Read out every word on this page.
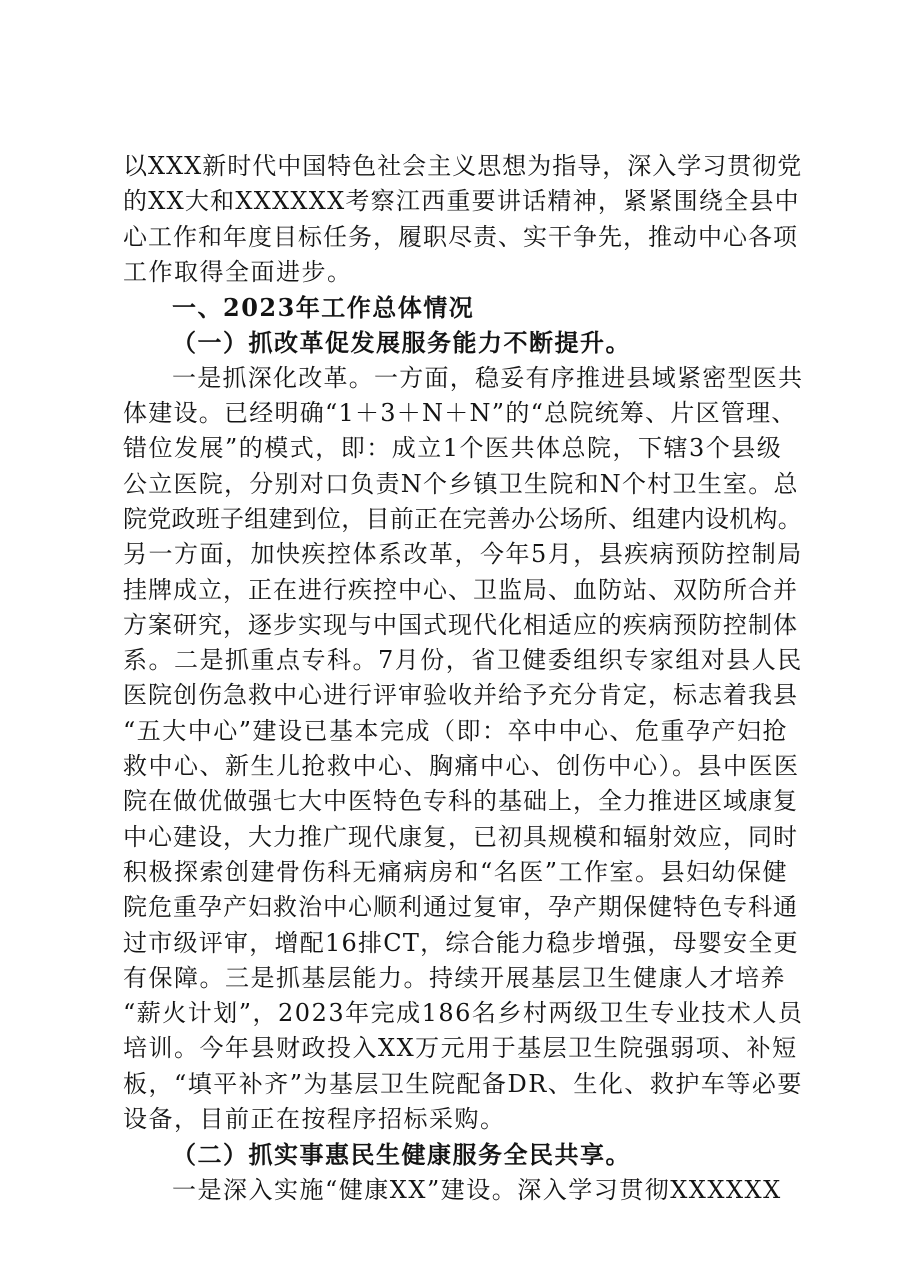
以XXX新时代中国特色社会主义思想为指导，深入学习贯彻党
的XX大和XXXXXX考察江西重要讲话精神，紧紧围绕全县中
心工作和年度目标任务，履职尽责、实干争先，推动中心各项
工作取得全面进步。
一、2023年工作总体情况
（一）抓改革促发展服务能力不断提升。
一是抓深化改革。一方面，稳妥有序推进县域紧密型医共
体建设。已经明确“1＋3＋N＋N”的“总院统筹、片区管理、
错位发展”的模式，即：成立1个医共体总院，下辖3个县级
公立医院，分别对口负责N个乡镇卫生院和N个村卫生室。总
院党政班子组建到位，目前正在完善办公场所、组建内设机构。
另一方面，加快疾控体系改革，今年5月，县疾病预防控制局
挂牌成立，正在进行疾控中心、卫监局、血防站、双防所合并
方案研究，逐步实现与中国式现代化相适应的疾病预防控制体
系。二是抓重点专科。7月份，省卫健委组织专家组对县人民
医院创伤急救中心进行评审验收并给予充分肯定，标志着我县
“五大中心”建设已基本完成（即：卒中中心、危重孕产妇抢
救中心、新生儿抢救中心、胸痛中心、创伤中心）。县中医医
院在做优做强七大中医特色专科的基础上，全力推进区域康复
中心建设，大力推广现代康复，已初具规模和辐射效应，同时
积极探索创建骨伤科无痛病房和“名医”工作室。县妇幼保健
院危重孕产妇救治中心顺利通过复审，孕产期保健特色专科通
过市级评审，增配16排CT，综合能力稳步增强，母婴安全更
有保障。三是抓基层能力。持续开展基层卫生健康人才培养
“薪火计划”，2023年完成186名乡村两级卫生专业技术人员
培训。今年县财政投入XX万元用于基层卫生院强弱项、补短
板，“填平补齐”为基层卫生院配备DR、生化、救护车等必要
设备，目前正在按程序招标采购。
（二）抓实事惠民生健康服务全民共享。
一是深入实施“健康XX”建设。深入学习贯彻XXXXXX
